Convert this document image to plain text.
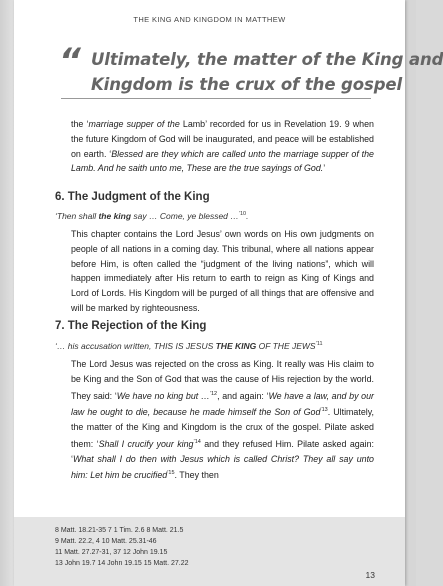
THE KING AND KINGDOM IN MATTHEW
“ Ultimately, the matter of the King and
Kingdom is the crux of the gospel
the ‘marriage supper of the Lamb’ recorded for us in Revelation 19. 9 when the future Kingdom of God will be inaugurated, and peace will be established on earth. ‘Blessed are they which are called unto the marriage supper of the Lamb. And he saith unto me, These are the true sayings of God.’
6. The Judgment of the King
‘Then shall the king say … Come, ye blessed …$^{’10}$.
This chapter contains the Lord Jesus’ own words on His own judgments on people of all nations in a coming day. This tribunal, where all nations appear before Him, is often called the “judgment of the living nations”, which will happen immediately after His return to earth to reign as King of Kings and Lord of Lords. His Kingdom will be purged of all things that are offensive and will be marked by righteousness.
7. The Rejection of the King
‘… his accusation written, THIS IS JESUS THE KING OF THE $JEWS^{’11}$
The Lord Jesus was rejected on the cross as King. It really was His claim to be King and the Son of God that was the cause of His rejection by the world. They said: ‘We have no king but …$^{’12}$, and again: ‘We have a law, and by our law he ought to die, because he made himself the Son of God$^{’13}$. Ultimately, the matter of the King and Kingdom is the crux of the gospel. Pilate asked them: ‘Shall I crucify your king$^{’14}$ and they refused Him. Pilate asked again: ‘What shall I do then with Jesus which is called Christ? They all say unto him: Let him be crucified$^{’15}$. They then
8 Matt. 18.21-35 7 1 Tim. 2.6 8 Matt. 21.5
9 Matt. 22.2, 4 10 Matt. 25.31-46
11 Matt. 27.27-31, 37 12 John 19.15
13 John 19.7 14 John 19.15 15 Matt. 27.22
13
